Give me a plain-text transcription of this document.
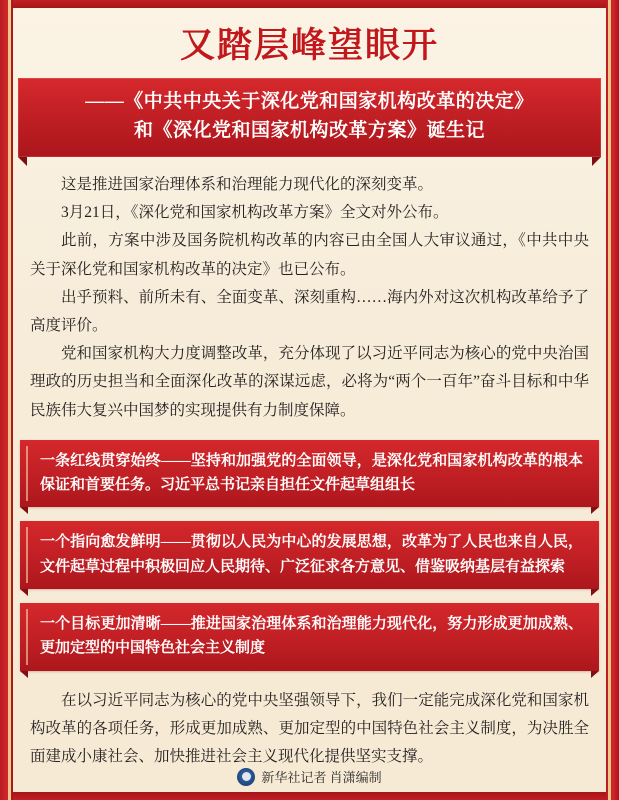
又踏层峰望眼开
——《中共中央关于深化党和国家机构改革的决定》
和《深化党和国家机构改革方案》诞生记

这是推进国家治理体系和治理能力现代化的深刻变革。

3月21日，《深化党和国家机构改革方案》全文对外公布。

此前，方案中涉及国务院机构改革的内容已由全国人大审议通过，《中共中央关于深化党和国家机构改革的决定》也已公布。

出乎预料、前所未有、全面变革、深刻重构……海内外对这次机构改革给予了高度评价。

党和国家机构大力度调整改革，充分体现了以习近平同志为核心的党中央治国理政的历史担当和全面深化改革的深谋远虑，必将为“两个一百年”奋斗目标和中华民族伟大复兴中国梦的实现提供有力制度保障。

一条红线贯穿始终——坚持和加强党的全面领导，是深化党和国家机构改革的根本保证和首要任务。习近平总书记亲自担任文件起草组组长
一个指向愈发鲜明——贯彻以人民为中心的发展思想，改革为了人民也来自人民，文件起草过程中积极回应人民期待、广泛征求各方意见、借鉴吸纳基层有益探索
一个目标更加清晰——推进国家治理体系和治理能力现代化，努力形成更加成熟、更加定型的中国特色社会主义制度

在以习近平同志为核心的党中央坚强领导下，我们一定能完成深化党和国家机构改革的各项任务，形成更加成熟、更加定型的中国特色社会主义制度，为决胜全面建成小康社会、加快推进社会主义现代化提供坚实支撑。

新华社记者 肖潇编制
